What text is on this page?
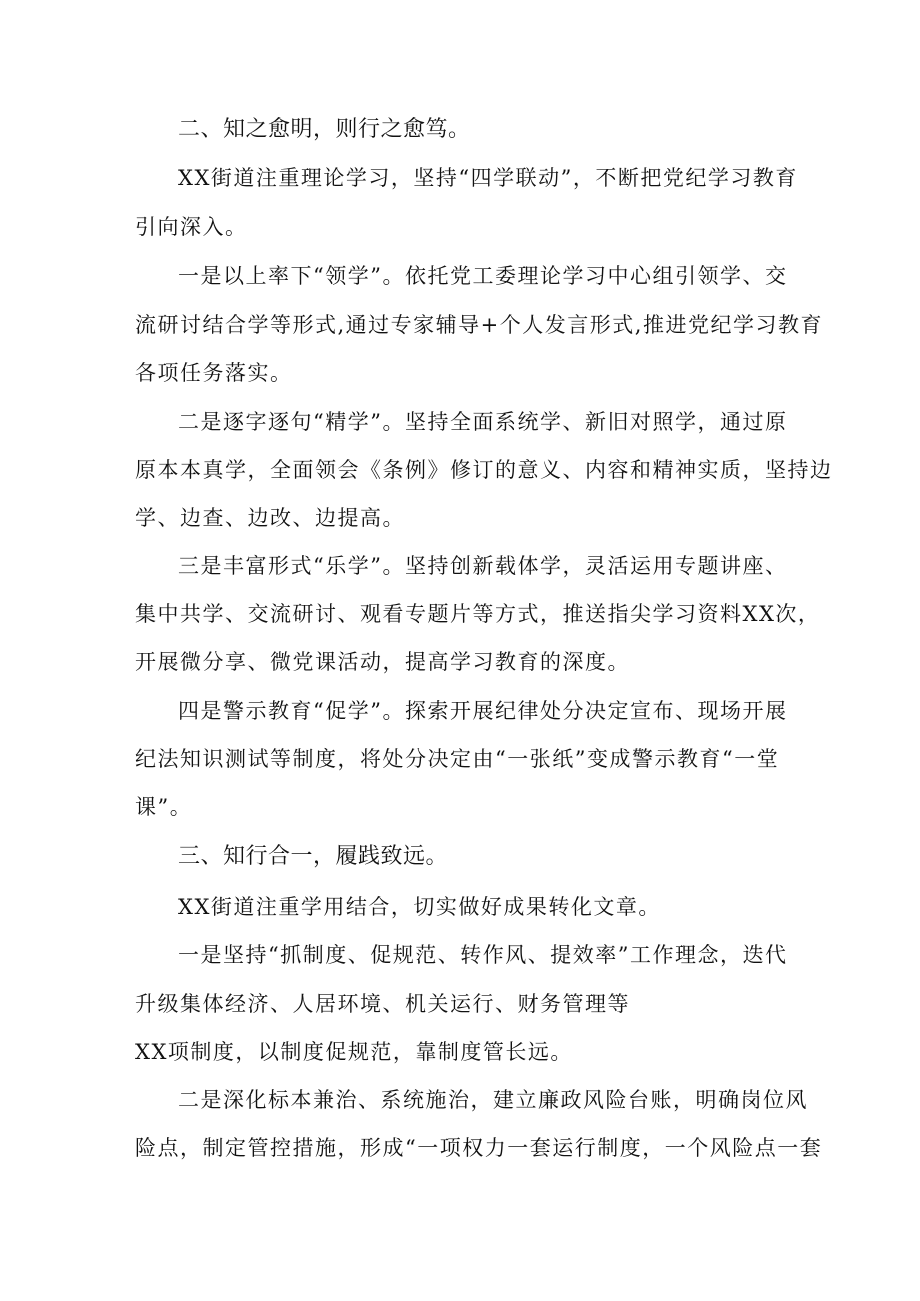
二、知之愈明，则行之愈笃。
XX街道注重理论学习，坚持“四学联动”，不断把党纪学习教育
引向深入。
一是以上率下“领学”。依托党工委理论学习中心组引领学、交
流研讨结合学等形式,通过专家辅导+个人发言形式,推进党纪学习教育
各项任务落实。
二是逐字逐句“精学”。坚持全面系统学、新旧对照学，通过原
原本本真学，全面领会《条例》修订的意义、内容和精神实质，坚持边
学、边查、边改、边提高。
三是丰富形式“乐学”。坚持创新载体学，灵活运用专题讲座、
集中共学、交流研讨、观看专题片等方式，推送指尖学习资料XX次，
开展微分享、微党课活动，提高学习教育的深度。
四是警示教育“促学”。探索开展纪律处分决定宣布、现场开展
纪法知识测试等制度，将处分决定由“一张纸”变成警示教育“一堂
课”。
三、知行合一，履践致远。
XX街道注重学用结合，切实做好成果转化文章。
一是坚持“抓制度、促规范、转作风、提效率”工作理念，迭代
升级集体经济、人居环境、机关运行、财务管理等
XX项制度，以制度促规范，靠制度管长远。
二是深化标本兼治、系统施治，建立廉政风险台账，明确岗位风
险点，制定管控措施，形成“一项权力一套运行制度，一个风险点一套
